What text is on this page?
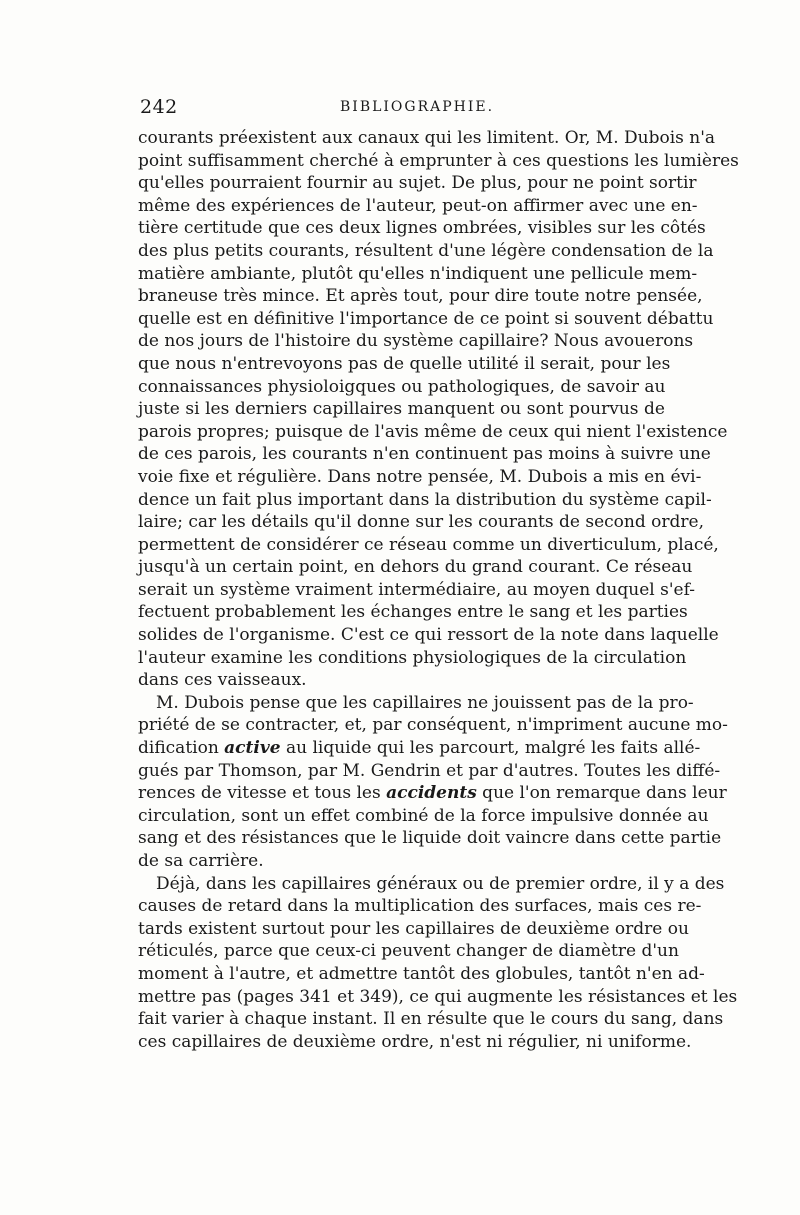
242	BIBLIOGRAPHIE.
courants préexistent aux canaux qui les limitent. Or, M. Dubois n'a
point suffisamment cherché à emprunter à ces questions les lumières
qu'elles pourraient fournir au sujet. De plus, pour ne point sortir
même des expériences de l'auteur, peut-on affirmer avec une en-
tière certitude que ces deux lignes ombrées, visibles sur les côtés
des plus petits courants, résultent d'une légère condensation de la
matière ambiante, plutôt qu'elles n'indiquent une pellicule mem-
braneuse très mince. Et après tout, pour dire toute notre pensée,
quelle est en définitive l'importance de ce point si souvent débattu
de nos jours de l'histoire du système capillaire? Nous avouerons
que nous n'entrevoyons pas de quelle utilité il serait, pour les
connaissances physioloigques ou pathologiques, de savoir au
juste si les derniers capillaires manquent ou sont pourvus de
parois propres; puisque de l'avis même de ceux qui nient l'existence
de ces parois, les courants n'en continuent pas moins à suivre une
voie fixe et régulière. Dans notre pensée, M. Dubois a mis en évi-
dence un fait plus important dans la distribution du système capil-
laire; car les détails qu'il donne sur les courants de second ordre,
permettent de considérer ce réseau comme un diverticulum, placé,
jusqu'à un certain point, en dehors du grand courant. Ce réseau
serait un système vraiment intermédiaire, au moyen duquel s'ef-
fectuent probablement les échanges entre le sang et les parties
solides de l'organisme. C'est ce qui ressort de la note dans laquelle
l'auteur examine les conditions physiologiques de la circulation
dans ces vaisseaux.
M. Dubois pense que les capillaires ne jouissent pas de la pro-
priété de se contracter, et, par conséquent, n'impriment aucune mo-
dification active au liquide qui les parcourt, malgré les faits allé-
gués par Thomson, par M. Gendrin et par d'autres. Toutes les diffé-
rences de vitesse et tous les accidents que l'on remarque dans leur
circulation, sont un effet combiné de la force impulsive donnée au
sang et des résistances que le liquide doit vaincre dans cette partie
de sa carrière.
Déjà, dans les capillaires généraux ou de premier ordre, il y a des
causes de retard dans la multiplication des surfaces, mais ces re-
tards existent surtout pour les capillaires de deuxième ordre ou
réticulés, parce que ceux-ci peuvent changer de diamètre d'un
moment à l'autre, et admettre tantôt des globules, tantôt n'en ad-
mettre pas (pages 341 et 349), ce qui augmente les résistances et les
fait varier à chaque instant. Il en résulte que le cours du sang, dans
ces capillaires de deuxième ordre, n'est ni régulier, ni uniforme.
